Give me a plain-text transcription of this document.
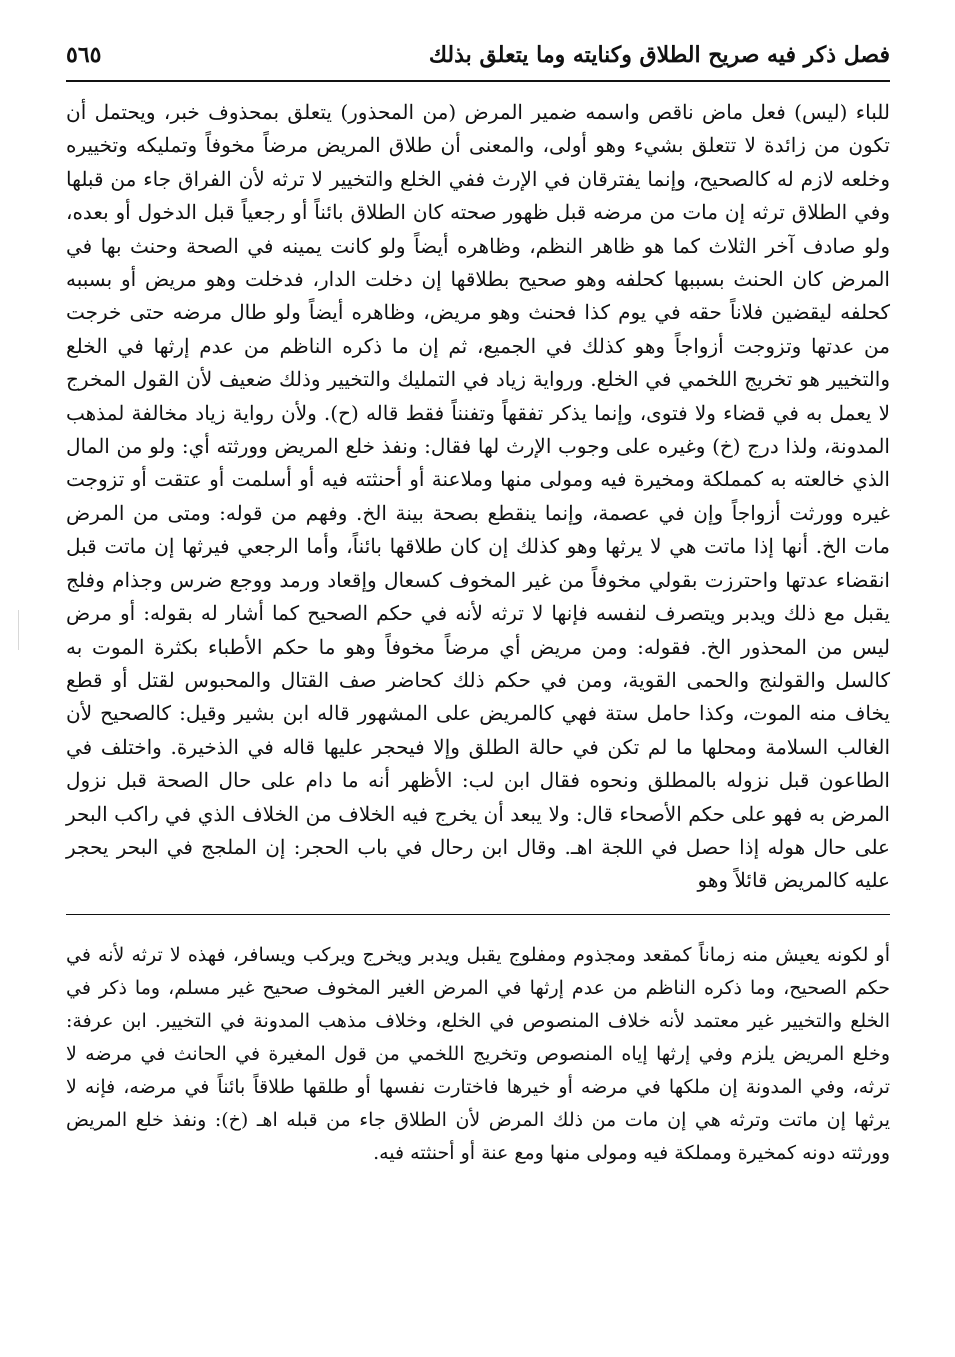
فصل ذكر فيه صريح الطلاق وكنايته وما يتعلق بذلك
٥٦٥

للباء (ليس) فعل ماض ناقص واسمه ضمير المرض (من المحذور) يتعلق بمحذوف خبر، ويحتمل أن تكون من زائدة لا تتعلق بشيء وهو أولى، والمعنى أن طلاق المريض مرضاً مخوفاً وتمليكه وتخييره وخلعه لازم له كالصحيح، وإنما يفترقان في الإرث ففي الخلع والتخيير لا ترثه لأن الفراق جاء من قبلها وفي الطلاق ترثه إن مات من مرضه قبل ظهور صحته كان الطلاق بائناً أو رجعياً قبل الدخول أو بعده، ولو صادف آخر الثلاث كما هو ظاهر النظم، وظاهره أيضاً ولو كانت يمينه في الصحة وحنث بها في المرض كان الحنث بسببها كحلفه وهو صحيح بطلاقها إن دخلت الدار، فدخلت وهو مريض أو بسببه كحلفه ليقضين فلاناً حقه في يوم كذا فحنث وهو مريض، وظاهره أيضاً ولو طال مرضه حتى خرجت من عدتها وتزوجت أزواجاً وهو كذلك في الجميع، ثم إن ما ذكره الناظم من عدم إرثها في الخلع والتخيير هو تخريج اللخمي في الخلع. ورواية زياد في التمليك والتخيير وذلك ضعيف لأن القول المخرج لا يعمل به في قضاء ولا فتوى، وإنما يذكر تفقهاً وتفنناً فقط قاله (ح). ولأن رواية زياد مخالفة لمذهب المدونة، ولذا درج (خ) وغيره على وجوب الإرث لها فقال: ونفذ خلع المريض وورثته أي: ولو من المال الذي خالعته به كمملكة ومخيرة فيه ومولى منها وملاعنة أو أحنثته فيه أو أسلمت أو عتقت أو تزوجت غيره وورثت أزواجاً وإن في عصمة، وإنما ينقطع بصحة بينة الخ. وفهم من قوله: ومتى من المرض مات الخ. أنها إذا ماتت هي لا يرثها وهو كذلك إن كان طلاقها بائناً، وأما الرجعي فيرثها إن ماتت قبل انقضاء عدتها واحترزت بقولي مخوفاً من غير المخوف كسعال وإقعاد ورمد ووجع ضرس وجذام وفلج يقبل مع ذلك ويدبر ويتصرف لنفسه فإنها لا ترثه لأنه في حكم الصحيح كما أشار له بقوله: أو مرض ليس من المحذور الخ. فقوله: ومن مريض أي مرضاً مخوفاً وهو ما حكم الأطباء بكثرة الموت به كالسل والقولنج والحمى القوية، ومن في حكم ذلك كحاضر صف القتال والمحبوس لقتل أو قطع يخاف منه الموت، وكذا حامل ستة فهي كالمريض على المشهور قاله ابن بشير وقيل: كالصحيح لأن الغالب السلامة ومحلها ما لم تكن في حالة الطلق وإلا فيحجر عليها قاله في الذخيرة. واختلف في الطاعون قبل نزوله بالمطلق ونحوه فقال ابن لب: الأظهر أنه ما دام على حال الصحة قبل نزول المرض به فهو على حكم الأصحاء قال: ولا يبعد أن يخرج فيه الخلاف من الخلاف الذي في راكب البحر على حال هوله إذا حصل في اللجة اهـ. وقال ابن رحال في باب الحجر: إن الملجج في البحر يحجر عليه كالمريض قائلاً وهو

أو لكونه يعيش منه زماناً كمقعد ومجذوم ومفلوج يقبل ويدبر ويخرج ويركب ويسافر، فهذه لا ترثه لأنه في حكم الصحيح، وما ذكره الناظم من عدم إرثها في المرض الغير المخوف صحيح غير مسلم، وما ذكر في الخلع والتخيير غير معتمد لأنه خلاف المنصوص في الخلع، وخلاف مذهب المدونة في التخيير. ابن عرفة: وخلع المريض يلزم وفي إرثها إياه المنصوص وتخريج اللخمي من قول المغيرة في الحانث في مرضه لا ترثه، وفي المدونة إن ملكها في مرضه أو خيرها فاختارت نفسها أو طلقها طلاقاً بائناً في مرضه، فإنه لا يرثها إن ماتت وترثه هي إن مات من ذلك المرض لأن الطلاق جاء من قبله اهـ (خ): ونفذ خلع المريض وورثته دونه كمخيرة ومملكة فيه ومولى منها ومع عنة أو أحنثته فيه.
